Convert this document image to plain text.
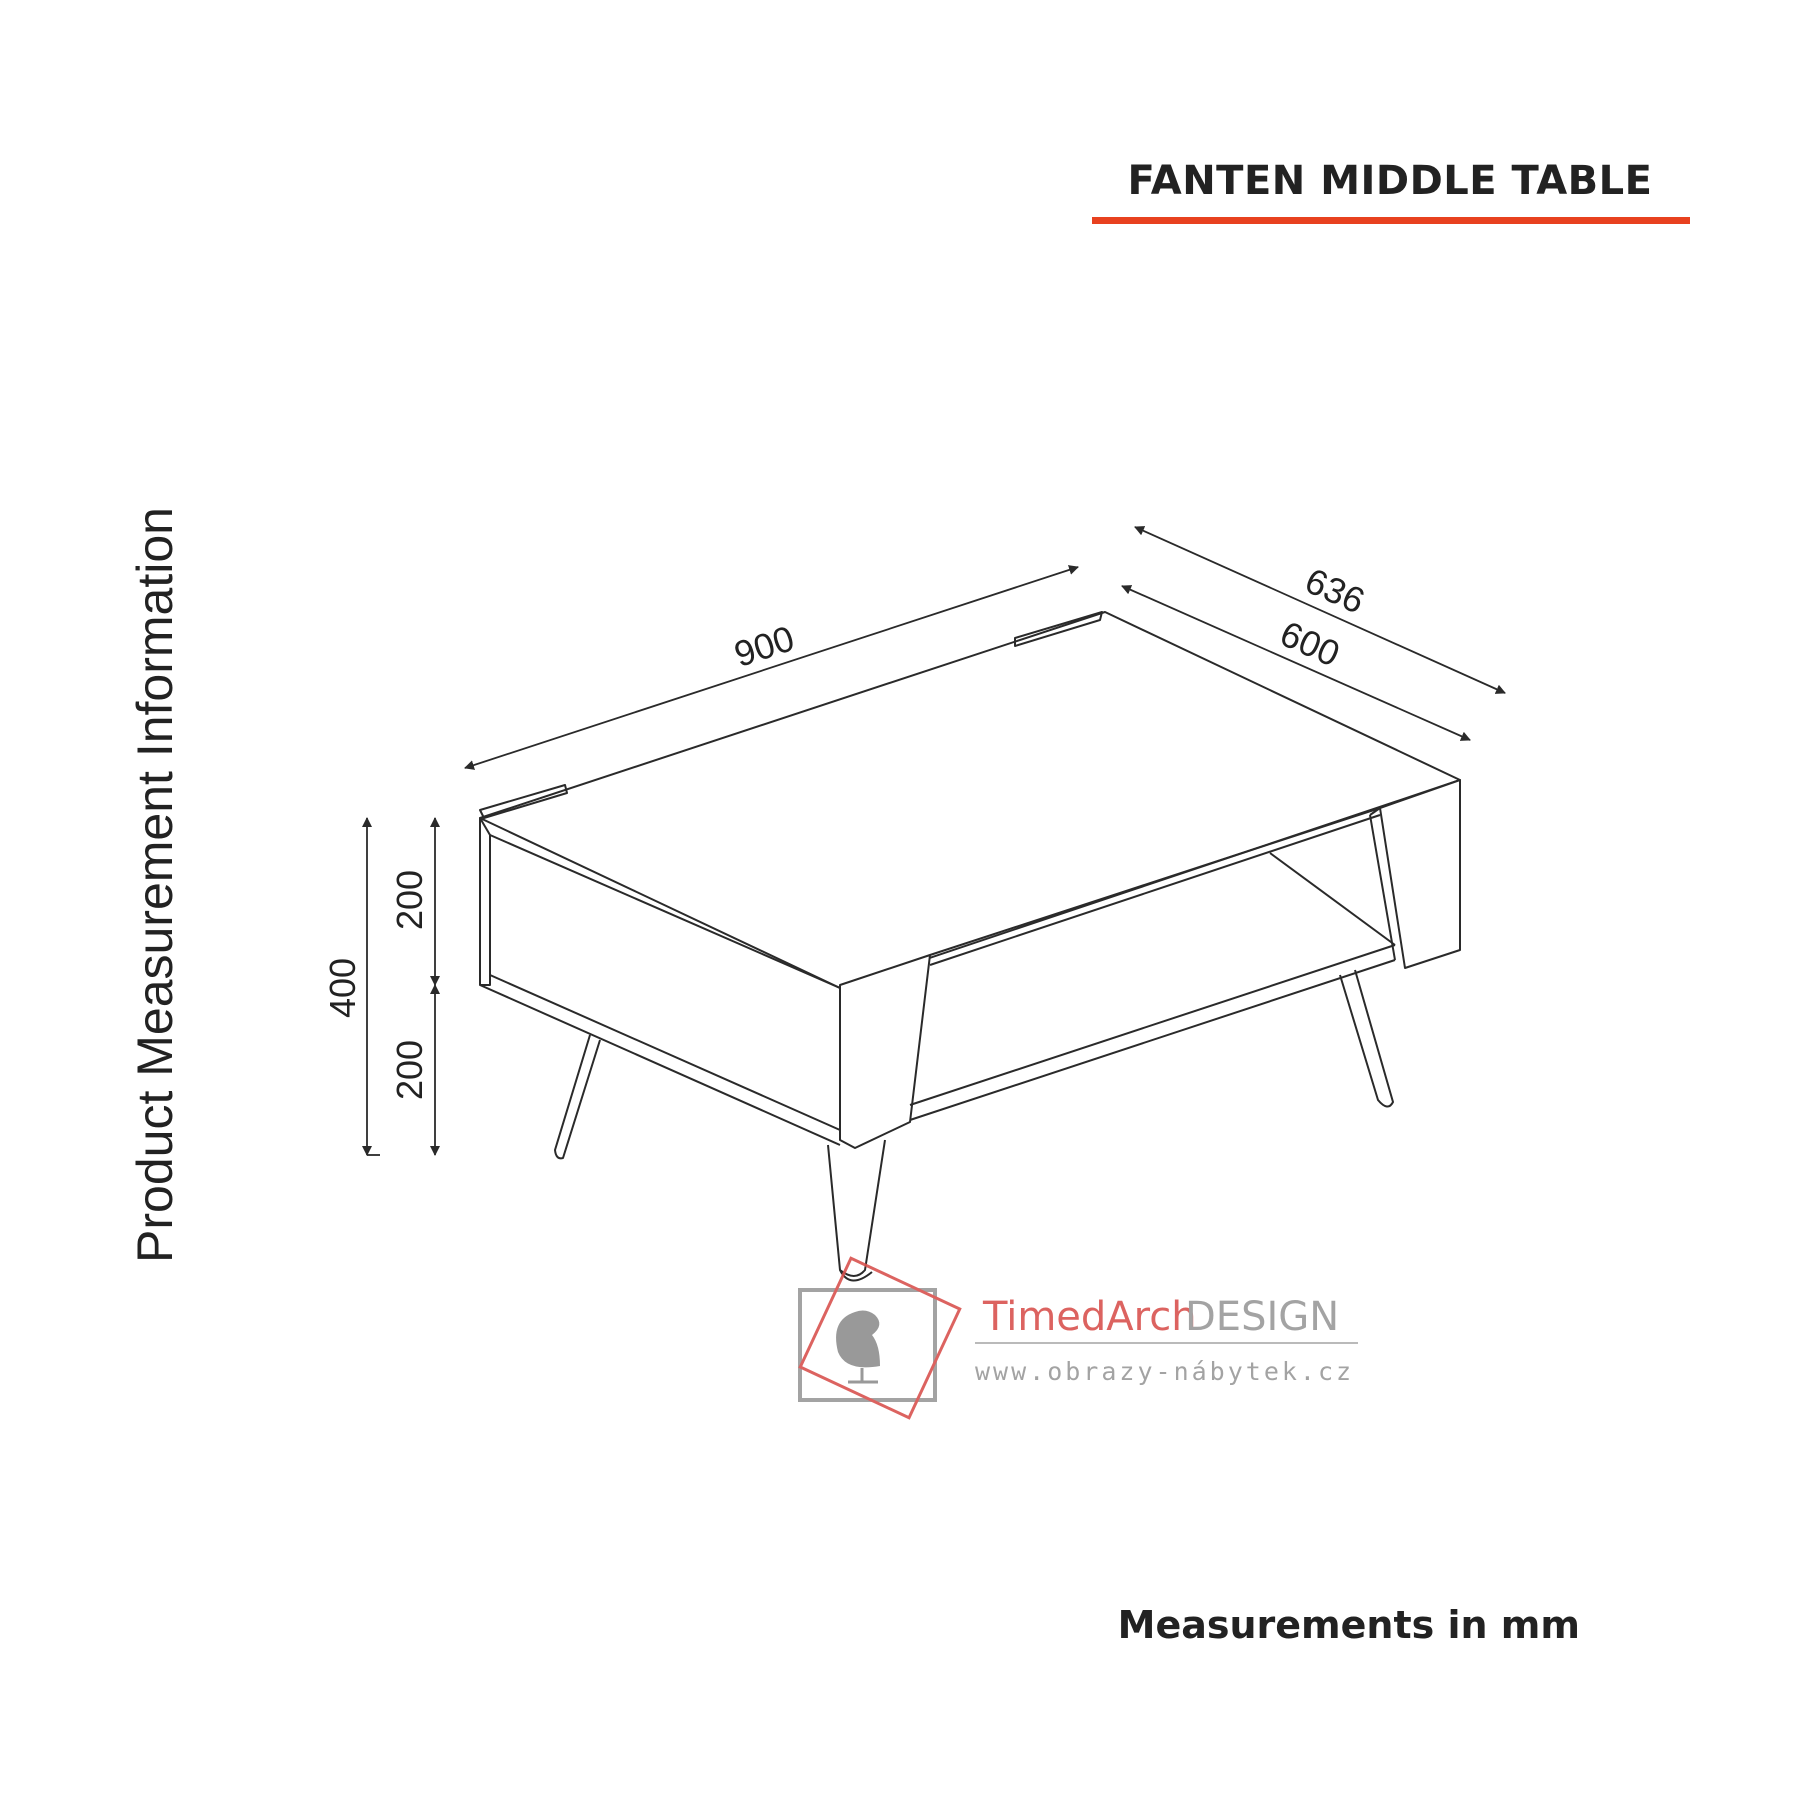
FANTEN MIDDLE TABLE
Product Measurement Information	900
636
600
400
200
200
TimedArch
DESIGN
www.obrazy-nábytek.cz
Measurements in mm
